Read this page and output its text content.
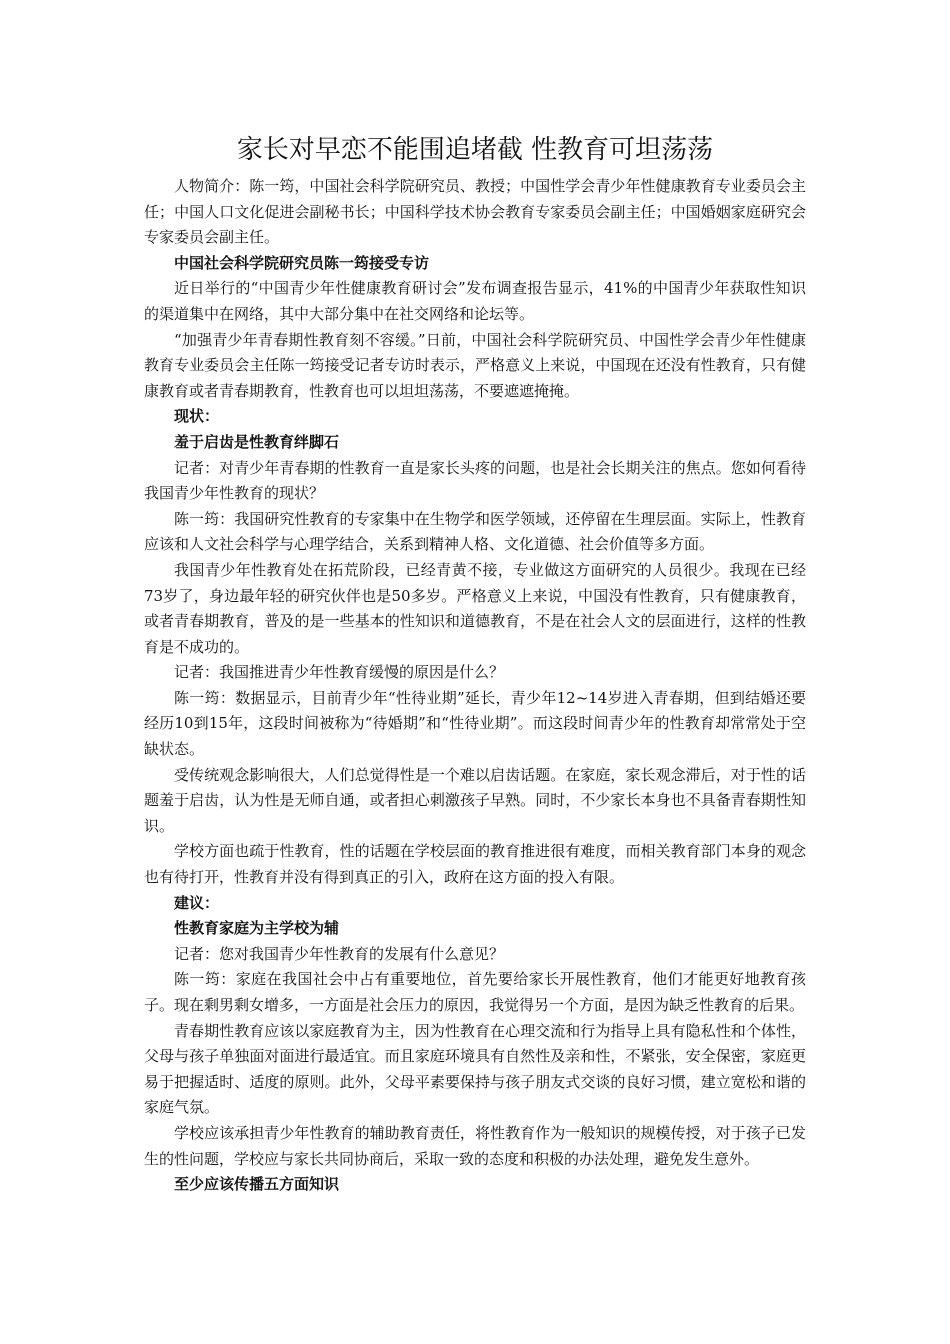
家长对早恋不能围追堵截 性教育可坦荡荡

人物简介：陈一筠，中国社会科学院研究员、教授；中国性学会青少年性健康教育专业委员会主任；中国人口文化促进会副秘书长；中国科学技术协会教育专家委员会副主任；中国婚姻家庭研究会专家委员会副主任。

中国社会科学院研究员陈一筠接受专访

近日举行的“中国青少年性健康教育研讨会”发布调查报告显示，41%的中国青少年获取性知识的渠道集中在网络，其中大部分集中在社交网络和论坛等。

“加强青少年青春期性教育刻不容缓。”日前，中国社会科学院研究员、中国性学会青少年性健康教育专业委员会主任陈一筠接受记者专访时表示，严格意义上来说，中国现在还没有性教育，只有健康教育或者青春期教育，性教育也可以坦坦荡荡，不要遮遮掩掩。

现状：

羞于启齿是性教育绊脚石

记者：对青少年青春期的性教育一直是家长头疼的问题，也是社会长期关注的焦点。您如何看待我国青少年性教育的现状？

陈一筠：我国研究性教育的专家集中在生物学和医学领域，还停留在生理层面。实际上，性教育应该和人文社会科学与心理学结合，关系到精神人格、文化道德、社会价值等多方面。

我国青少年性教育处在拓荒阶段，已经青黄不接，专业做这方面研究的人员很少。我现在已经73岁了，身边最年轻的研究伙伴也是50多岁。严格意义上来说，中国没有性教育，只有健康教育，或者青春期教育，普及的是一些基本的性知识和道德教育，不是在社会人文的层面进行，这样的性教育是不成功的。

记者：我国推进青少年性教育缓慢的原因是什么？

陈一筠：数据显示，目前青少年“性待业期”延长，青少年12~14岁进入青春期，但到结婚还要经历10到15年，这段时间被称为“待婚期”和“性待业期”。而这段时间青少年的性教育却常常处于空缺状态。

受传统观念影响很大，人们总觉得性是一个难以启齿话题。在家庭，家长观念滞后，对于性的话题羞于启齿，认为性是无师自通，或者担心刺激孩子早熟。同时，不少家长本身也不具备青春期性知识。

学校方面也疏于性教育，性的话题在学校层面的教育推进很有难度，而相关教育部门本身的观念也有待打开，性教育并没有得到真正的引入，政府在这方面的投入有限。

建议：

性教育家庭为主学校为辅

记者：您对我国青少年性教育的发展有什么意见？

陈一筠：家庭在我国社会中占有重要地位，首先要给家长开展性教育，他们才能更好地教育孩子。现在剩男剩女增多，一方面是社会压力的原因，我觉得另一个方面，是因为缺乏性教育的后果。

青春期性教育应该以家庭教育为主，因为性教育在心理交流和行为指导上具有隐私性和个体性，父母与孩子单独面对面进行最适宜。而且家庭环境具有自然性及亲和性，不紧张，安全保密，家庭更易于把握适时、适度的原则。此外，父母平素要保持与孩子朋友式交谈的良好习惯，建立宽松和谐的家庭气氛。

学校应该承担青少年性教育的辅助教育责任，将性教育作为一般知识的规模传授，对于孩子已发生的性问题，学校应与家长共同协商后，采取一致的态度和积极的办法处理，避免发生意外。

至少应该传播五方面知识
